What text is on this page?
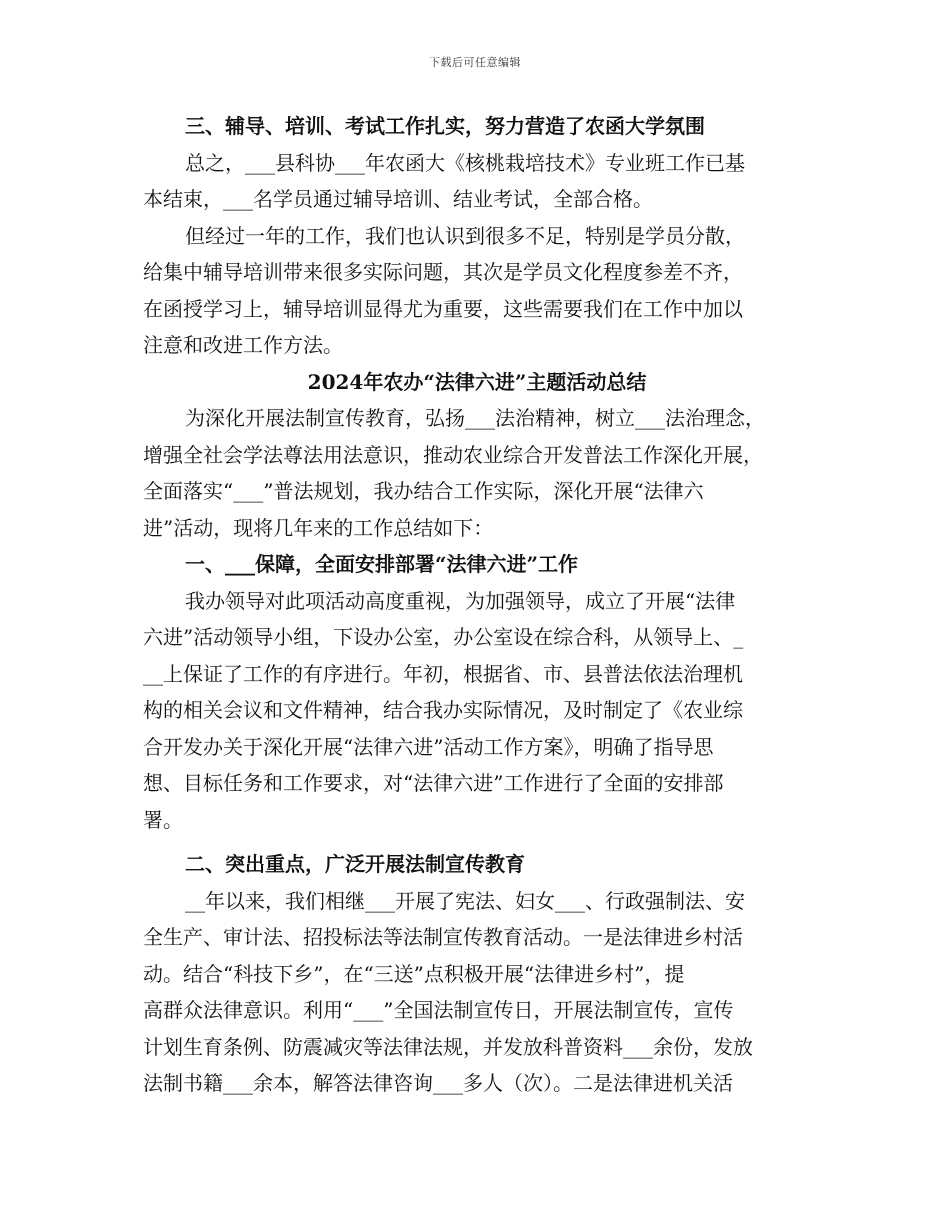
下载后可任意编辑
三、辅导、培训、考试工作扎实，努力营造了农函大学氛围
总之，___县科协___年农函大《核桃栽培技术》专业班工作已基
本结束，___名学员通过辅导培训、结业考试，全部合格。
但经过一年的工作，我们也认识到很多不足，特别是学员分散，
给集中辅导培训带来很多实际问题，其次是学员文化程度参差不齐，
在函授学习上，辅导培训显得尤为重要，这些需要我们在工作中加以
注意和改进工作方法。
2024年农办“法律六进”主题活动总结
为深化开展法制宣传教育，弘扬___法治精神，树立___法治理念，
增强全社会学法尊法用法意识，推动农业综合开发普法工作深化开展，
全面落实“___”普法规划，我办结合工作实际，深化开展“法律六
进”活动，现将几年来的工作总结如下：
一、___保障，全面安排部署“法律六进”工作
我办领导对此项活动高度重视，为加强领导，成立了开展“法律
六进”活动领导小组，下设办公室，办公室设在综合科，从领导上、_
__上保证了工作的有序进行。年初，根据省、市、县普法依法治理机
构的相关会议和文件精神，结合我办实际情况，及时制定了《农业综
合开发办关于深化开展“法律六进”活动工作方案》，明确了指导思
想、目标任务和工作要求，对“法律六进”工作进行了全面的安排部
署。
二、突出重点，广泛开展法制宣传教育
__年以来，我们相继___开展了宪法、妇女___、行政强制法、安
全生产、审计法、招投标法等法制宣传教育活动。一是法律进乡村活
动。结合“科技下乡”，在“三送”点积极开展“法律进乡村”，提
高群众法律意识。利用“___”全国法制宣传日，开展法制宣传，宣传
计划生育条例、防震减灾等法律法规，并发放科普资料___余份，发放
法制书籍___余本，解答法律咨询___多人（次）。二是法律进机关活
